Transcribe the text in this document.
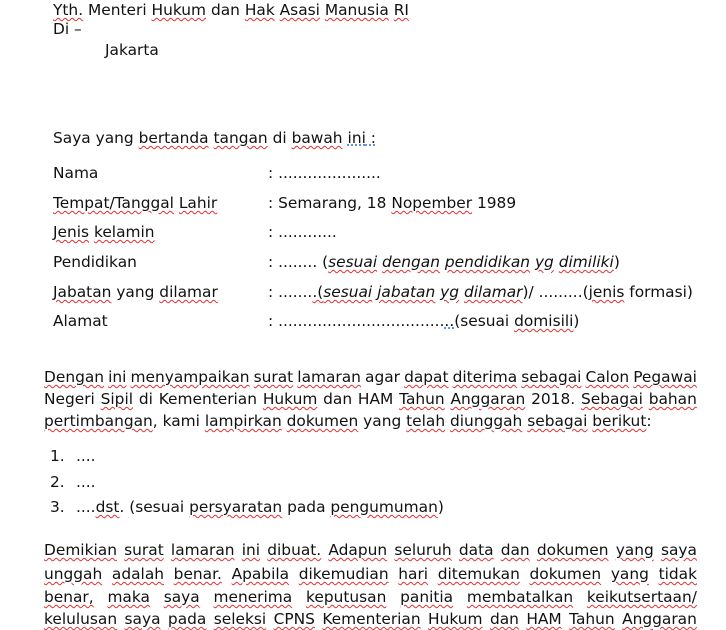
Yth. Menteri Hukum dan Hak Asasi Manusia RI
Di –
Jakarta
Saya yang bertanda tangan di bawah ini :
Nama	: .....................
Tempat/Tanggal Lahir	: Semarang, 18 Nopember 1989
Jenis kelamin	: ............
Pendidikan	: ........ (sesuai dengan pendidikan yg dimiliki)
Jabatan yang dilamar	: ........(sesuai jabatan yg dilamar)/ .........(jenis formasi)
Alamat	: ....................................(sesuai domisili)
Dengan ini menyampaikan surat lamaran agar dapat diterima sebagai Calon Pegawai
Negeri Sipil di Kementerian Hukum dan HAM Tahun Anggaran 2018. Sebagai bahan
pertimbangan, kami lampirkan dokumen yang telah diunggah sebagai berikut:
1. ....
2. ....
3. ....dst. (sesuai persyaratan pada pengumuman)
Demikian surat lamaran ini dibuat. Adapun seluruh data dan dokumen yang saya
unggah adalah benar. Apabila dikemudian hari ditemukan dokumen yang tidak
benar, maka saya menerima keputusan panitia membatalkan keikutsertaan/
kelulusan saya pada seleksi CPNS Kementerian Hukum dan HAM Tahun Anggaran
